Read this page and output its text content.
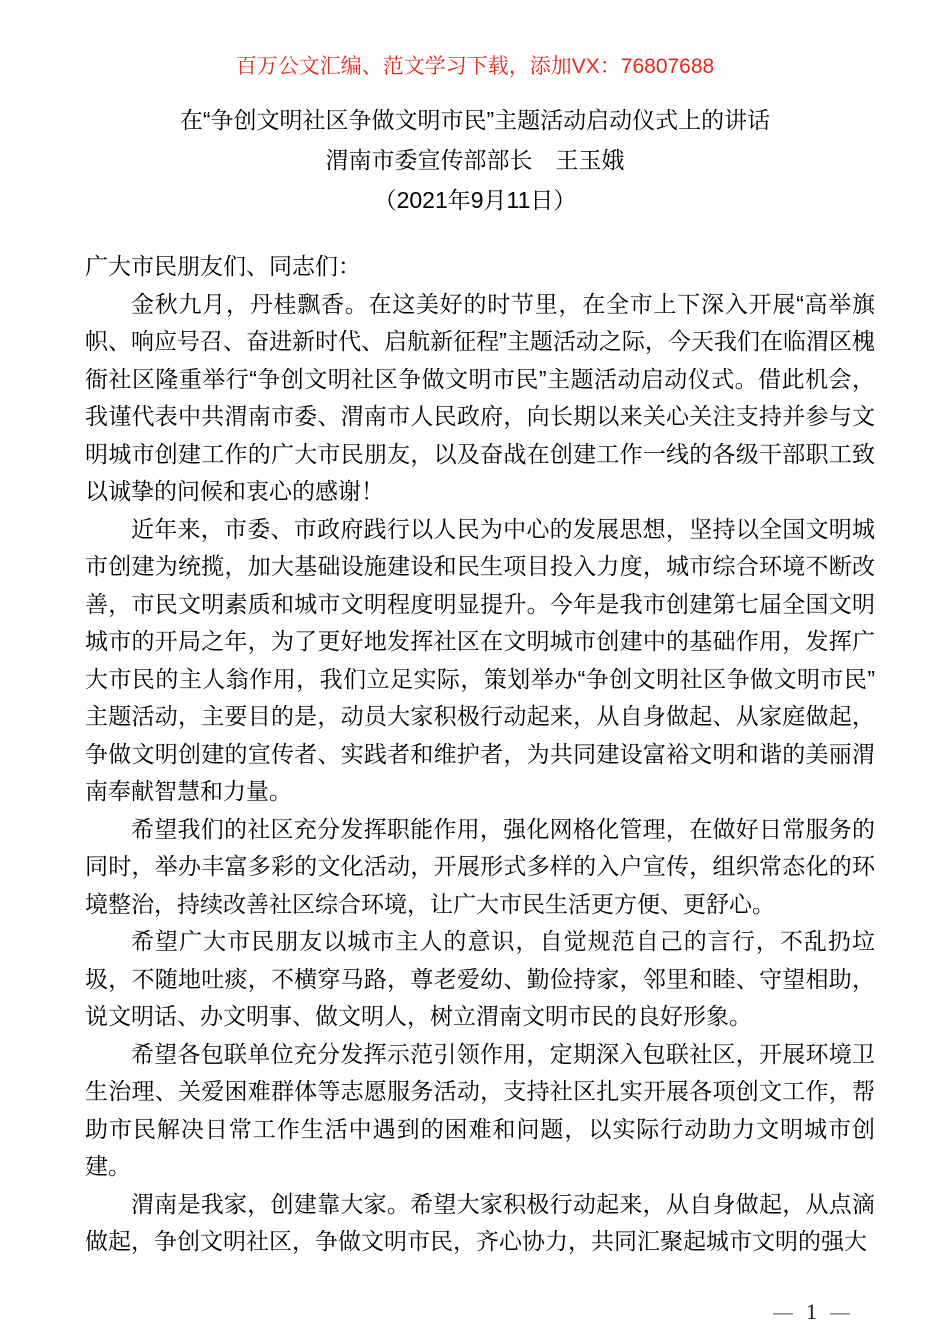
百万公文汇编、范文学习下载，添加VX：76807688
在“争创文明社区争做文明市民”主题活动启动仪式上的讲话
渭南市委宣传部部长　王玉娥
（2021年9月11日）

广大市民朋友们、同志们：

金秋九月，丹桂飘香。在这美好的时节里，在全市上下深入开展“高举旗帜、响应号召、奋进新时代、启航新征程”主题活动之际，今天我们在临渭区槐衙社区隆重举行“争创文明社区争做文明市民”主题活动启动仪式。借此机会，我谨代表中共渭南市委、渭南市人民政府，向长期以来关心关注支持并参与文明城市创建工作的广大市民朋友，以及奋战在创建工作一线的各级干部职工致以诚挚的问候和衷心的感谢！

近年来，市委、市政府践行以人民为中心的发展思想，坚持以全国文明城市创建为统揽，加大基础设施建设和民生项目投入力度，城市综合环境不断改善，市民文明素质和城市文明程度明显提升。今年是我市创建第七届全国文明城市的开局之年，为了更好地发挥社区在文明城市创建中的基础作用，发挥广大市民的主人翁作用，我们立足实际，策划举办“争创文明社区争做文明市民”主题活动，主要目的是，动员大家积极行动起来，从自身做起、从家庭做起，争做文明创建的宣传者、实践者和维护者，为共同建设富裕文明和谐的美丽渭南奉献智慧和力量。

希望我们的社区充分发挥职能作用，强化网格化管理，在做好日常服务的同时，举办丰富多彩的文化活动，开展形式多样的入户宣传，组织常态化的环境整治，持续改善社区综合环境，让广大市民生活更方便、更舒心。

希望广大市民朋友以城市主人的意识，自觉规范自己的言行，不乱扔垃圾，不随地吐痰，不横穿马路，尊老爱幼、勤俭持家，邻里和睦、守望相助，说文明话、办文明事、做文明人，树立渭南文明市民的良好形象。

希望各包联单位充分发挥示范引领作用，定期深入包联社区，开展环境卫生治理、关爱困难群体等志愿服务活动，支持社区扎实开展各项创文工作，帮助市民解决日常工作生活中遇到的困难和问题，以实际行动助力文明城市创建。

渭南是我家，创建靠大家。希望大家积极行动起来，从自身做起，从点滴做起，争创文明社区，争做文明市民，齐心协力，共同汇聚起城市文明的强大

— 1 —
